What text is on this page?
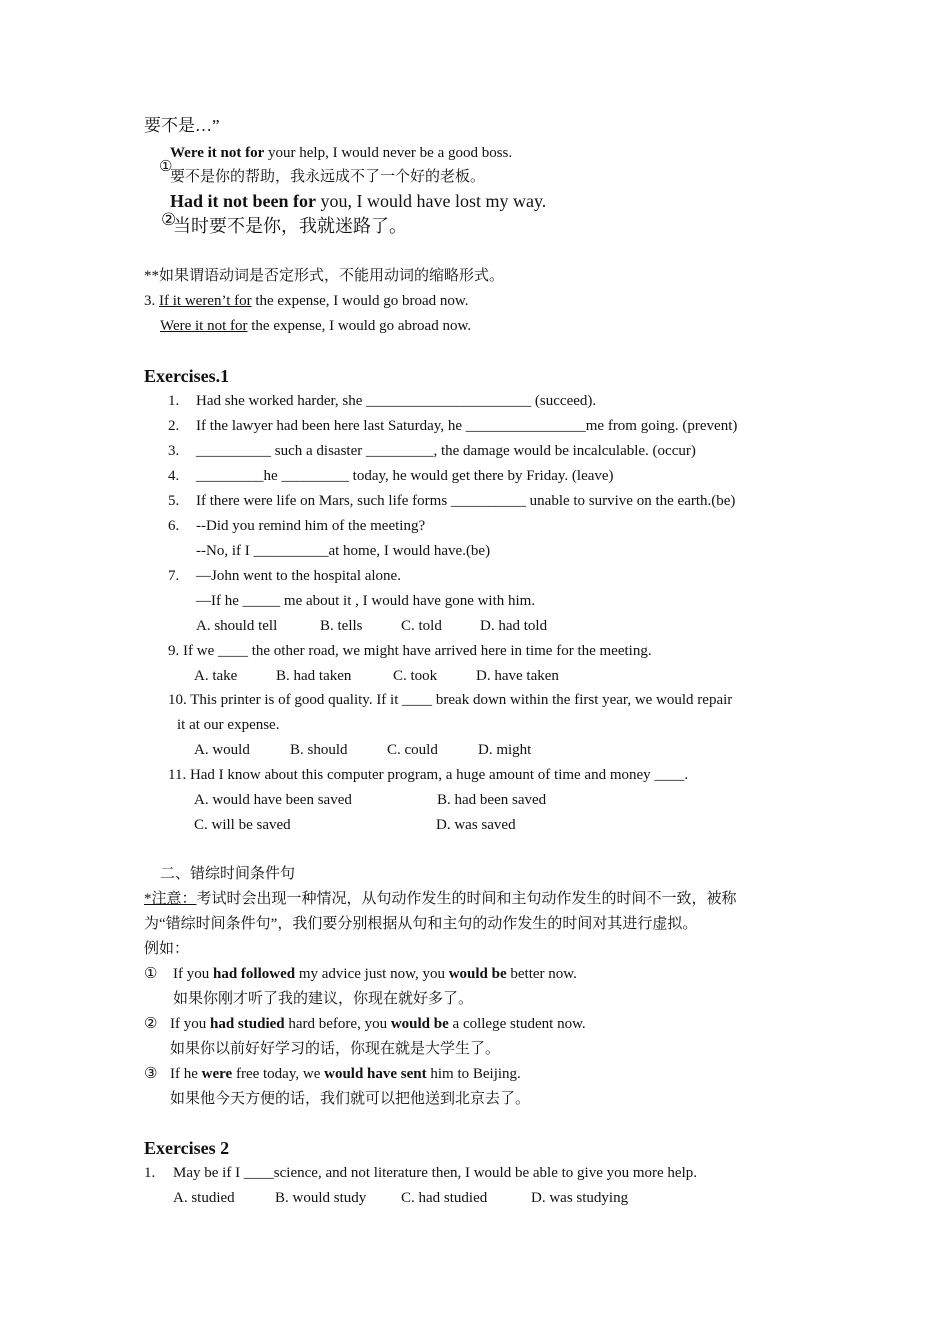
要不是…”

①

Were it not for your help, I would never be a good boss.
要不是你的帮助，我永远成不了一个好的老板。

②

Had it not been for you, I would have lost my way.
当时要不是你，我就迷路了。
**如果谓语动词是否定形式，不能用动词的缩略形式。
3. If it weren’t for the expense, I would go broad now.
Were it not for the expense, I would go abroad now.
Exercises.1
1. Had she worked harder, she ______________________ (succeed).
2. If the lawyer had been here last Saturday, he ________________me from going. (prevent)
3. __________ such a disaster _________, the damage would be incalculable. (occur)
4. _________he _________ today, he would get there by Friday. (leave)
5. If there were life on Mars, such life forms __________ unable to survive on the earth.(be)
6. --Did you remind him of the meeting?
--No, if I __________at home, I would have.(be)
7. —John went to the hospital alone.
—If he _____ me about it , I would have gone with him.
A. should tell	B. tells	C. told	D. had told
9. If we ____ the other road, we might have arrived here in time for the meeting.
A. take	B. had taken	C. took	D. have taken
10. This printer is of good quality. If it ____ break down within the first year, we would repair
it at our expense.
A. would	B. should	C. could	D. might
11. Had I know about this computer program, a huge amount of time and money ____.
A. would have been saved	B. had been saved
C. will be saved	D. was saved
二、错综时间条件句
*注意：考试时会出现一种情况，从句动作发生的时间和主句动作发生的时间不一致，被称
为“错综时间条件句”，我们要分别根据从句和主句的动作发生的时间对其进行虚拟。
例如：
① If you had followed my advice just now, you would be better now.
如果你刚才听了我的建议，你现在就好多了。
② If you had studied hard before, you would be a college student now.
如果你以前好好学习的话，你现在就是大学生了。
③ If he were free today, we would have sent him to Beijing.
如果他今天方便的话，我们就可以把他送到北京去了。
Exercises 2
1. May be if I ____science, and not literature then, I would be able to give you more help.
A. studied	B. would study C. had studied	D. was studying
